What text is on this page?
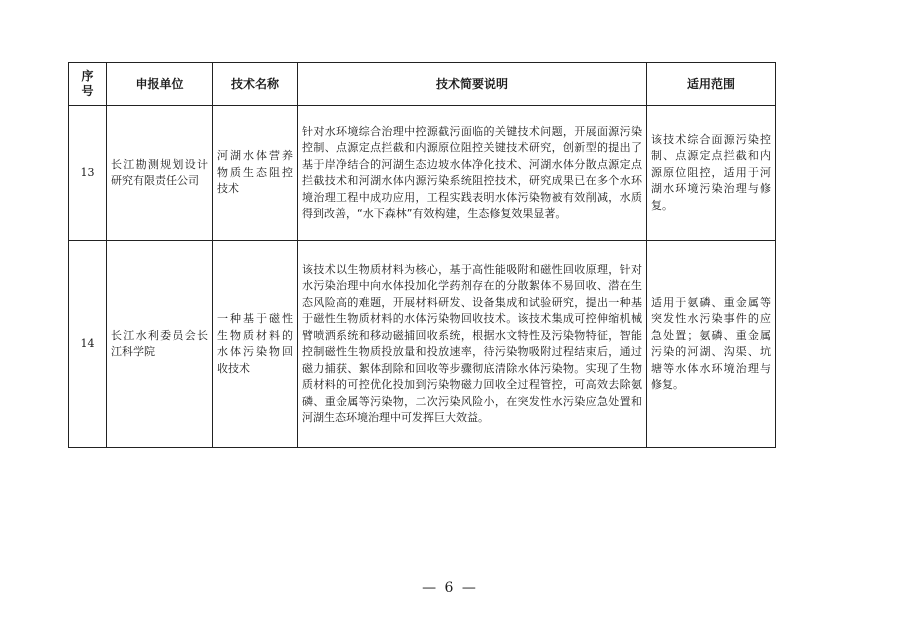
序号	申报单位	技术名称	技术简要说明	适用范围
13	长江勘测规划设计研究有限责任公司	河湖水体营养物质生态阻控技术	针对水环境综合治理中控源截污面临的关键技术问题，开展面源污染控制、点源定点拦截和内源原位阻控关键技术研究，创新型的提出了基于岸净结合的河湖生态边坡水体净化技术、河湖水体分散点源定点拦截技术和河湖水体内源污染系统阻控技术，研究成果已在多个水环境治理工程中成功应用，工程实践表明水体污染物被有效削减，水质得到改善，“水下森林”有效构建，生态修复效果显著。	该技术综合面源污染控制、点源定点拦截和内源原位阻控，适用于河湖水环境污染治理与修复。
14	长江水利委员会长江科学院	一种基于磁性生物质材料的水体污染物回收技术	该技术以生物质材料为核心，基于高性能吸附和磁性回收原理，针对水污染治理中向水体投加化学药剂存在的分散絮体不易回收、潜在生态风险高的难题，开展材料研发、设备集成和试验研究，提出一种基于磁性生物质材料的水体污染物回收技术。该技术集成可控伸缩机械臂喷洒系统和移动磁捕回收系统，根据水文特性及污染物特征，智能控制磁性生物质投放量和投放速率，待污染物吸附过程结束后，通过磁力捕获、絮体刮除和回收等步骤彻底清除水体污染物。实现了生物质材料的可控优化投加到污染物磁力回收全过程管控，可高效去除氨磷、重金属等污染物，二次污染风险小，在突发性水污染应急处置和河湖生态环境治理中可发挥巨大效益。	适用于氨磷、重金属等突发性水污染事件的应急处置；氨磷、重金属污染的河湖、沟渠、坑塘等水体水环境治理与修复。
— 6 —
